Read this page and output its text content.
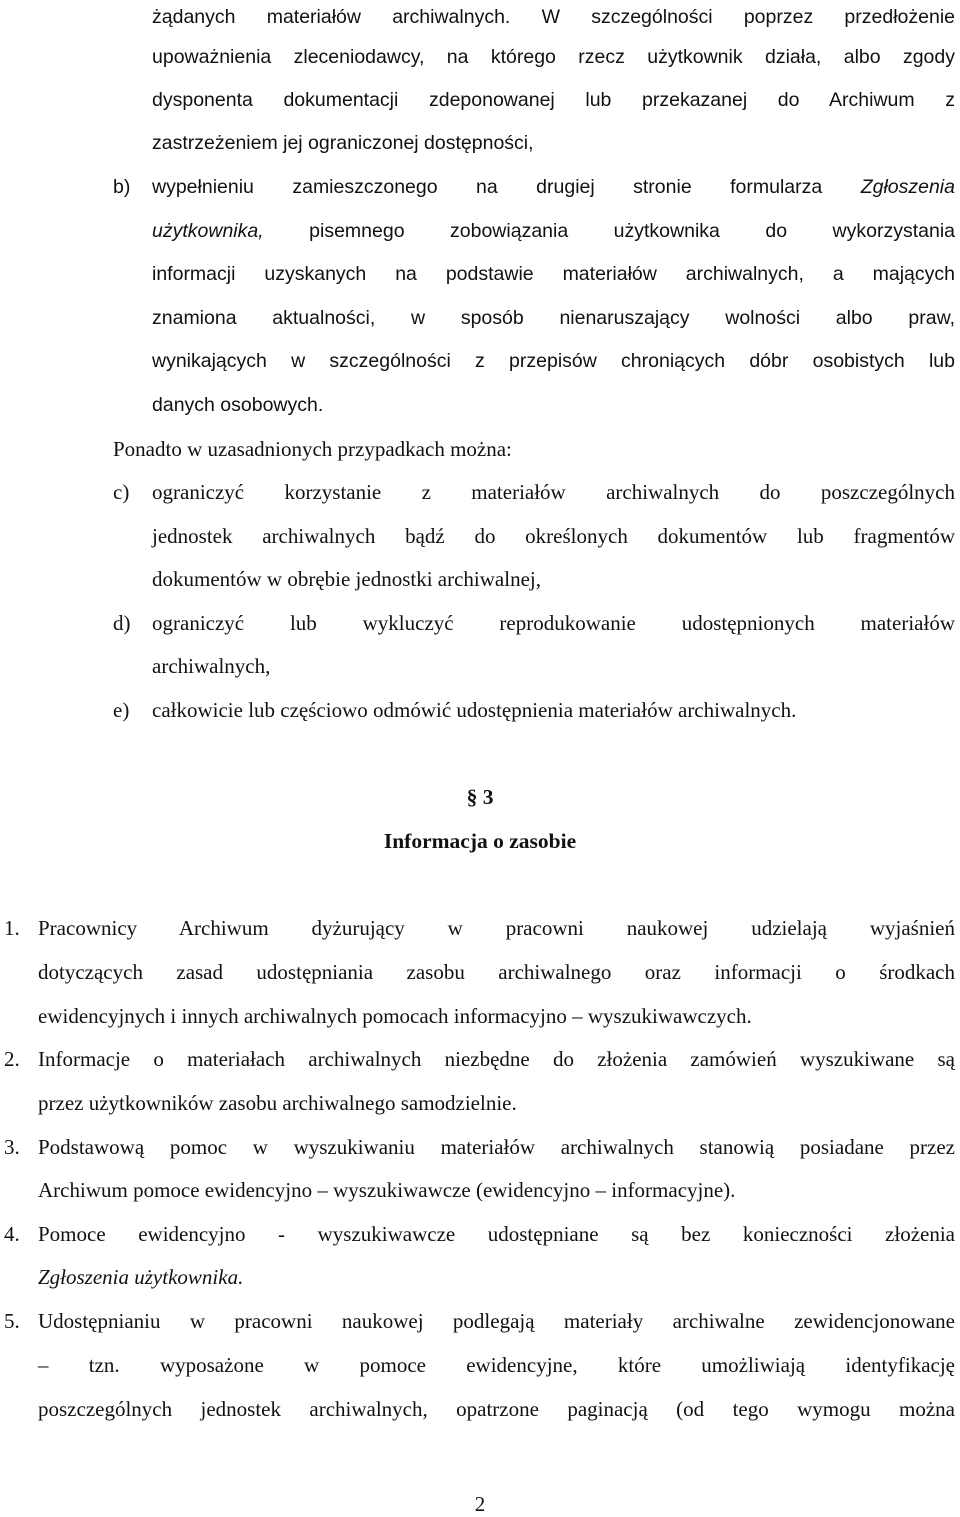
żądanych materiałów archiwalnych. W szczególności poprzez przedłożenie
upoważnienia zleceniodawcy, na którego rzecz użytkownik działa, albo zgody
dysponenta dokumentacji zdeponowanej lub przekazanej do Archiwum z
zastrzeżeniem jej ograniczonej dostępności,
b) wypełnieniu zamieszczonego na drugiej stronie formularza Zgłoszenia
użytkownika, pisemnego zobowiązania użytkownika do wykorzystania
informacji uzyskanych na podstawie materiałów archiwalnych, a mających
znamiona aktualności, w sposób nienaruszający wolności albo praw,
wynikających w szczególności z przepisów chroniących dóbr osobistych lub
danych osobowych.
Ponadto w uzasadnionych przypadkach można:
c) ograniczyć korzystanie z materiałów archiwalnych do poszczególnych
jednostek archiwalnych bądź do określonych dokumentów lub fragmentów
dokumentów w obrębie jednostki archiwalnej,
d) ograniczyć lub wykluczyć reprodukowanie udostępnionych materiałów
archiwalnych,
e) całkowicie lub częściowo odmówić udostępnienia materiałów archiwalnych.
§ 3
Informacja o zasobie
1. Pracownicy Archiwum dyżurujący w pracowni naukowej udzielają wyjaśnień
dotyczących zasad udostępniania zasobu archiwalnego oraz informacji o środkach
ewidencyjnych i innych archiwalnych pomocach informacyjno – wyszukiwawczych.
2. Informacje o materiałach archiwalnych niezbędne do złożenia zamówień wyszukiwane są
przez użytkowników zasobu archiwalnego samodzielnie.
3. Podstawową pomoc w wyszukiwaniu materiałów archiwalnych stanowią posiadane przez
Archiwum pomoce ewidencyjno – wyszukiwawcze (ewidencyjno – informacyjne).
4. Pomoce ewidencyjno - wyszukiwawcze udostępniane są bez konieczności złożenia
Zgłoszenia użytkownika.
5. Udostępnianiu w pracowni naukowej podlegają materiały archiwalne zewidencjonowane
– tzn. wyposażone w pomoce ewidencyjne, które umożliwiają identyfikację
poszczególnych jednostek archiwalnych, opatrzone paginacją (od tego wymogu można
2
